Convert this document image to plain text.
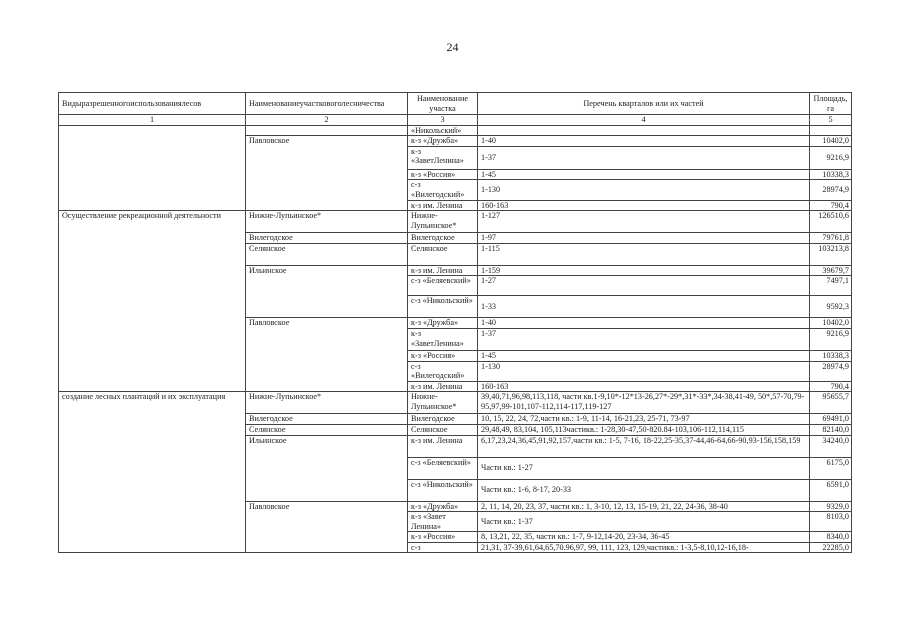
24
Видыразрешенногоиспользованиялесов	Наименованиеучастковоголесничества	Наименование участка	Перечень кварталов или их частей	Площадь, га
1	2	3	4	5
		«Никольский»		
	Павловское	к-з «Дружба»	1-40	10402,0
		к-з «ЗаветЛенина»	1-37	9216,9
		к-з «Россия»	1-45	10338,3
		с-з «Вилегодский»	1-130	28974,9
		к-з им. Ленина	160-163	790,4
Осуществление рекреационной деятельности	Нижне-Лупьинское*	Нижне-Лупьинское*	1-127	126510,6
	Вилегодское	Вилегодское	1-97	79761,8
	Селянское	Селянское	1-115	103213,8
	Ильинское	к-з им. Ленина	1-159	39679,7
		с-з «Беляевский»	1-27	7497,1
		с-з «Никольский»	1-33	9592,3
	Павловское	к-з «Дружба»	1-40	10402,0
		к-з «ЗаветЛенина»	1-37	9216,9
		к-з «Россия»	1-45	10338,3
		с-з «Вилегодский»	1-130	28974,9
		к-з им. Ленина	160-163	790,4
создание лесных плантаций и их эксплуатация	Нижне-Лупьинское*	Нижне-Лупьинское*	39,40,71,96,98,113,118, части кв.1-9,10*-12*13-26,27*-29*,31*-33*,34-38,41-49, 50*,57-70,79-95,97,99-101,107-112,114-117,119-127	95655,7
	Вилегодское	Вилегодское	10, 15, 22, 24, 72,части кв.: 1-9, 11-14, 16-21,23, 25-71, 73-97	69491,0
	Селянское	Селянское	29,48,49, 83,104, 105,113частикв.: 1-28,30-47,50-820.84-103,106-112,114,115	82140,0
	Ильинское	к-з им. Ленина	6,17,23,24,36,45,91,92,157,части кв.: 1-5, 7-16, 18-22,25-35,37-44,46-64,66-90,93-156,158,159	34240,0
		с-з «Беляевский»	Части кв.: 1-27	6175,0
		с-з «Никольский»	Части кв.: 1-6, 8-17, 20-33	6591,0
	Павловское	к-з «Дружба»	2, 11, 14, 20, 23, 37, части кв.: 1, 3-10, 12, 13, 15-19, 21, 22, 24-36, 38-40	9329,0
		к-з «Завет Ленина»	Части кв.: 1-37	8103,0
		к-з «Россия»	8, 13,21, 22, 35, части кв.: 1-7, 9-12,14-20, 23-34, 36-45	8340,0
		с-з	21,31, 37-39,61,64,65,70.96,97, 99, 111, 123, 129,частикв.: 1-3,5-8,10,12-16,18-	22285,0
